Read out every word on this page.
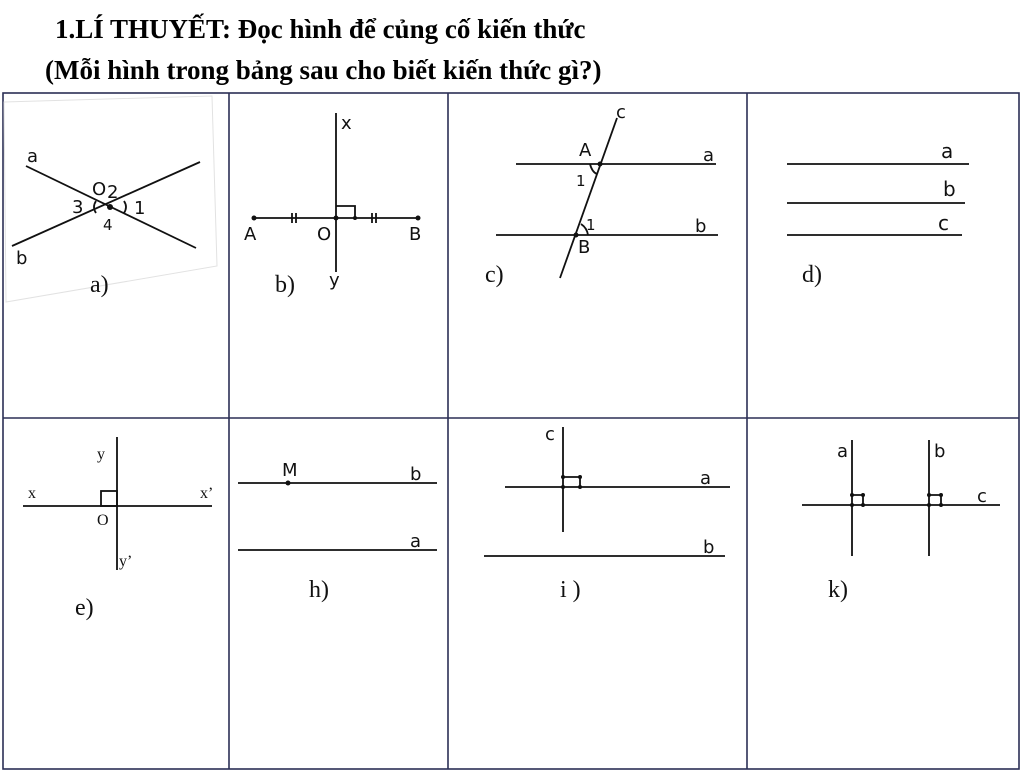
1.LÍ THUYẾT: Đọc hình để củng cố kiến thức
(Mỗi hình trong bảng sau cho biết kiến thức gì?)
a
b
O 2
3	1
4
a)
x
y
A	O	B
b)
c
A
B
a
b
1
1
c)
a
b
c
d)
y
x	x’
O
y’
e)
M	b
a
h)
c
a
b
i )
a	b
c
k)
